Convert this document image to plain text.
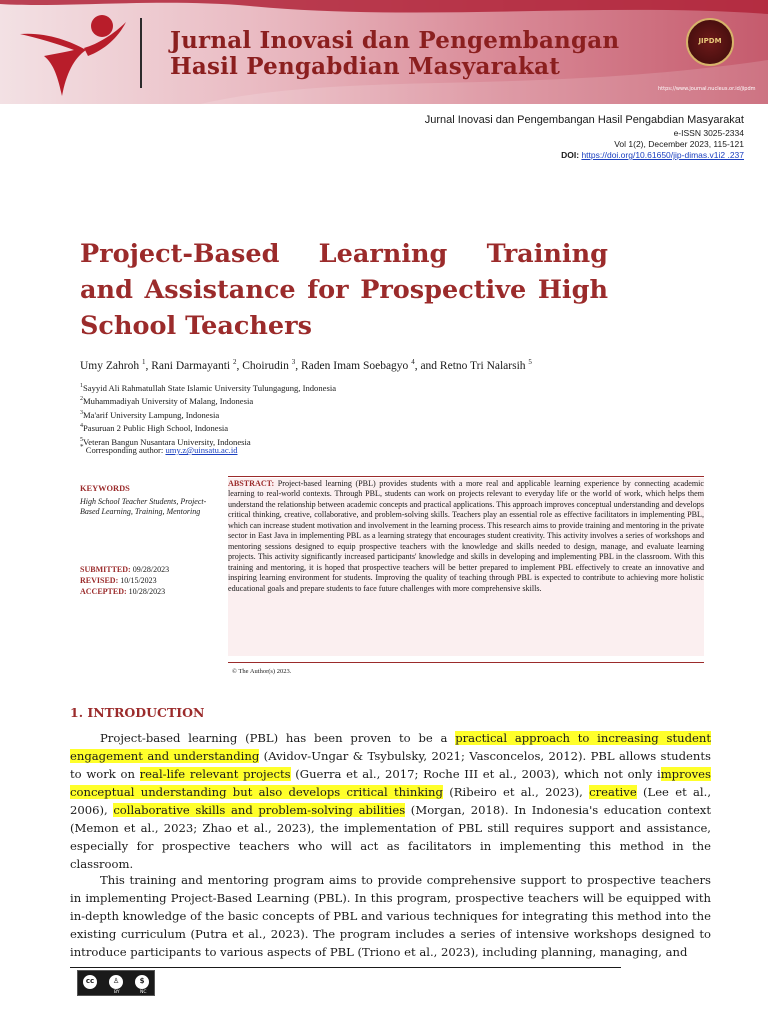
Jurnal Inovasi dan Pengembangan
Hasil Pengabdian Masyarakat
JIPDM
https://www.journal.nucleus.or.id/jipdm
Jurnal Inovasi dan Pengembangan Hasil Pengabdian Masyarakat
e-ISSN 3025-2334
Vol 1(2), December 2023, 115-121
DOI: https://doi.org/10.61650/jip-dimas.v1i2 .237
Project-Based Learning Training and Assistance for Prospective High School Teachers
Umy Zahroh $^1$, Rani Darmayanti $^2$, Choirudin $^3$, Raden Imam Soebagyo $^4$, and Retno Tri Nalarsih $^5$
$^1$Sayyid Ali Rahmatullah State Islamic University Tulungagung, Indonesia
$^2$Muhammadiyah University of Malang, Indonesia
$^3$Ma'arif University Lampung, Indonesia
$^4$Pasuruan 2 Public High School, Indonesia
$^5$Veteran Bangun Nusantara University, Indonesia
* Corresponding author: umy.z@uinsatu.ac.id
KEYWORDS
High School Teacher Students, Project-Based Learning, Training, Mentoring
SUBMITTED: 09/28/2023
REVISED: 10/15/2023
ACCEPTED: 10/28/2023
ABSTRACT: Project-based learning (PBL) provides students with a more real and applicable learning experience by connecting academic learning to real-world contexts. Through PBL, students can work on projects relevant to everyday life or the world of work, which helps them understand the relationship between academic concepts and practical applications. This approach improves conceptual understanding and develops critical thinking, creative, collaborative, and problem-solving skills. Teachers play an essential role as effective facilitators in implementing PBL, which can increase student motivation and involvement in the learning process. This research aims to provide training and mentoring in the private sector in East Java in implementing PBL as a learning strategy that encourages student creativity. This activity involves a series of workshops and mentoring sessions designed to equip prospective teachers with the knowledge and skills needed to design, manage, and evaluate learning projects. This activity significantly increased participants' knowledge and skills in developing and implementing PBL in the classroom. With this training and mentoring, it is hoped that prospective teachers will be better prepared to implement PBL effectively to create an innovative and inspiring learning environment for students. Improving the quality of teaching through PBL is expected to contribute to achieving more holistic educational goals and prepare students to face future challenges with more comprehensive skills.
© The Author(s) 2023.
1. INTRODUCTION

Project-based learning (PBL) has been proven to be a practical approach to increasing student engagement and understanding (Avidov-Ungar & Tsybulsky, 2021; Vasconcelos, 2012). PBL allows students to work on real-life relevant projects (Guerra et al., 2017; Roche III et al., 2003), which not only improves conceptual understanding but also develops critical thinking (Ribeiro et al., 2023), creative (Lee et al., 2006), collaborative skills and problem-solving abilities (Morgan, 2018). In Indonesia's education context (Memon et al., 2023; Zhao et al., 2023), the implementation of PBL still requires support and assistance, especially for prospective teachers who will act as facilitators in implementing this method in the classroom.

This training and mentoring program aims to provide comprehensive support to prospective teachers in implementing Project-Based Learning (PBL). In this program, prospective teachers will be equipped with in-depth knowledge of the basic concepts of PBL and various techniques for integrating this method into the existing curriculum (Putra et al., 2023). The program includes a series of intensive workshops designed to introduce participants to various aspects of PBL (Triono et al., 2023), including planning, managing, and

cc	♙	$
BY	NC
